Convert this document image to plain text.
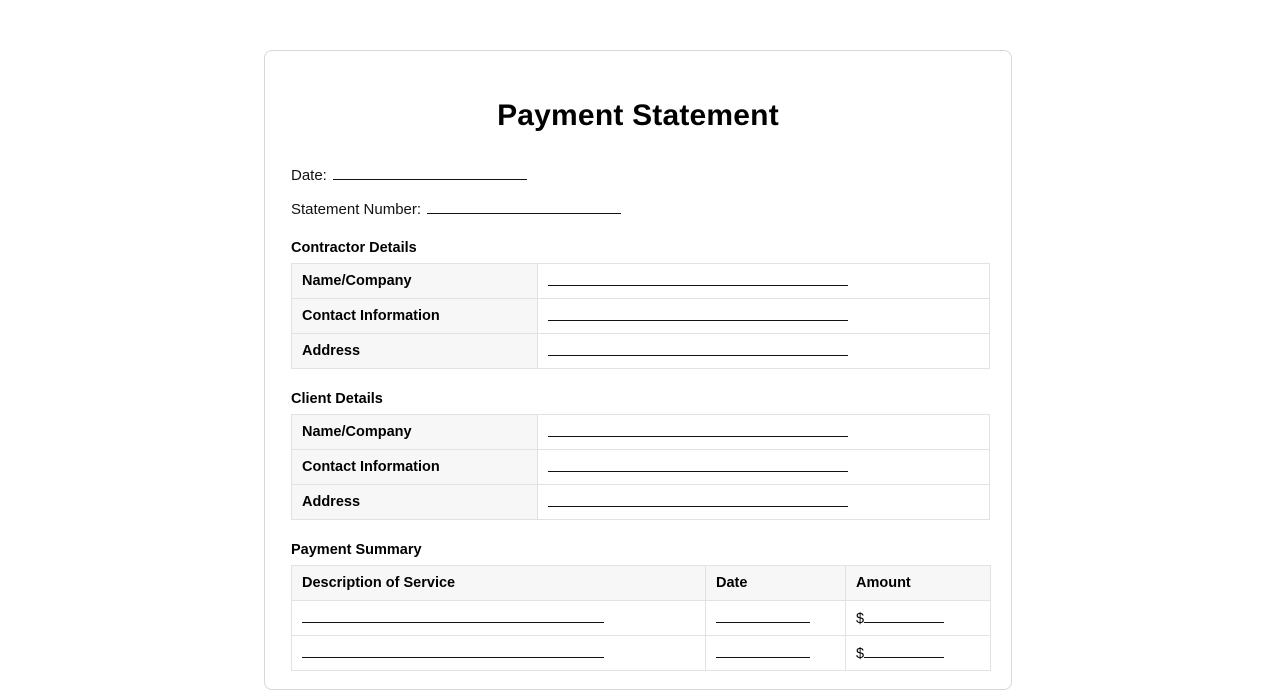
Payment Statement
Date:
Statement Number:
Contractor Details
Name/Company	
Contact Information	
Address	
Client Details
Name/Company	
Contact Information	
Address	
Payment Summary
Description of Service	Date	Amount
		$
		$
